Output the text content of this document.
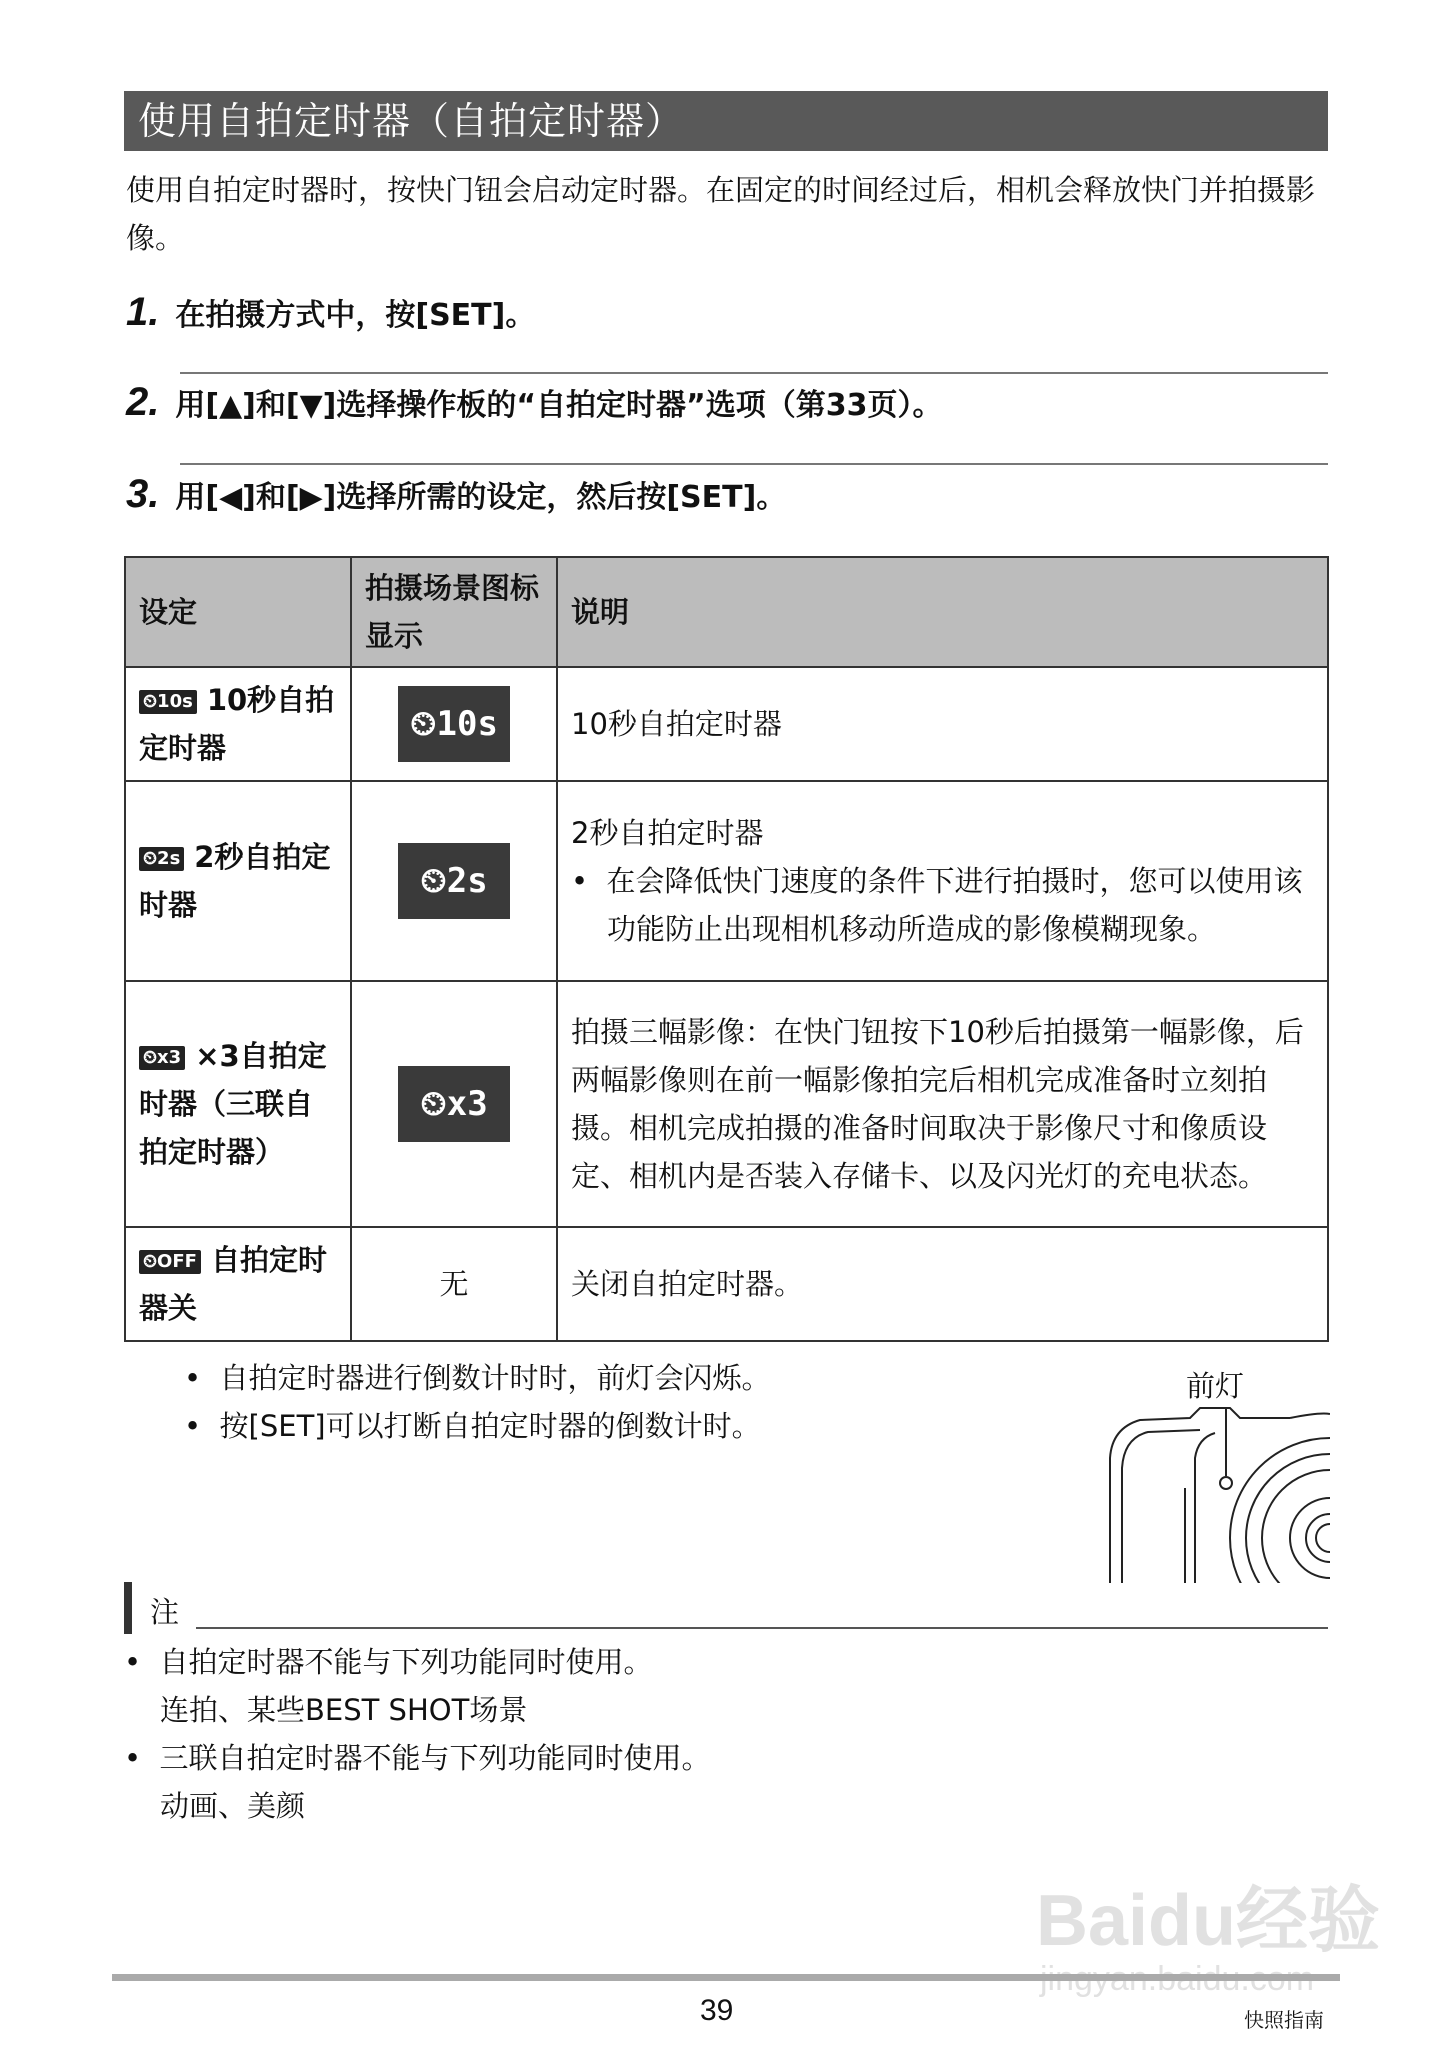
使用自拍定时器（自拍定时器）
使用自拍定时器时，按快门钮会启动定时器。在固定的时间经过后，相机会释放快门并拍摄影像。
1. 在拍摄方式中，按[SET]。
2. 用[▲]和[▼]选择操作板的“自拍定时器”选项（第33页）。
3. 用[◀]和[▶]选择所需的设定，然后按[SET]。
设定	拍摄场景图标显示	说明
⏲10s 10秒自拍定时器	⏲10s	10秒自拍定时器
⏲2s 2秒自拍定时器	⏲2s	2秒自拍定时器
•  在会降低快门速度的条件下进行拍摄时，您可以使用该功能防止出现相机移动所造成的影像模糊现象。

⏲x3 ×3自拍定时器（三联自拍定时器）	⏲x3	拍摄三幅影像：在快门钮按下10秒后拍摄第一幅影像，后两幅影像则在前一幅影像拍完后相机完成准备时立刻拍摄。相机完成拍摄的准备时间取决于影像尺寸和像质设定、相机内是否装入存储卡、以及闪光灯的充电状态。
⏲OFF 自拍定时器关	无	关闭自拍定时器。
•  自拍定时器进行倒数计时时，前灯会闪烁。
•  按[SET]可以打断自拍定时器的倒数计时。
前灯
注
•  自拍定时器不能与下列功能同时使用。
连拍、某些BEST SHOT场景
•  三联自拍定时器不能与下列功能同时使用。
动画、美颜
Baidu经验
39	快照指南
